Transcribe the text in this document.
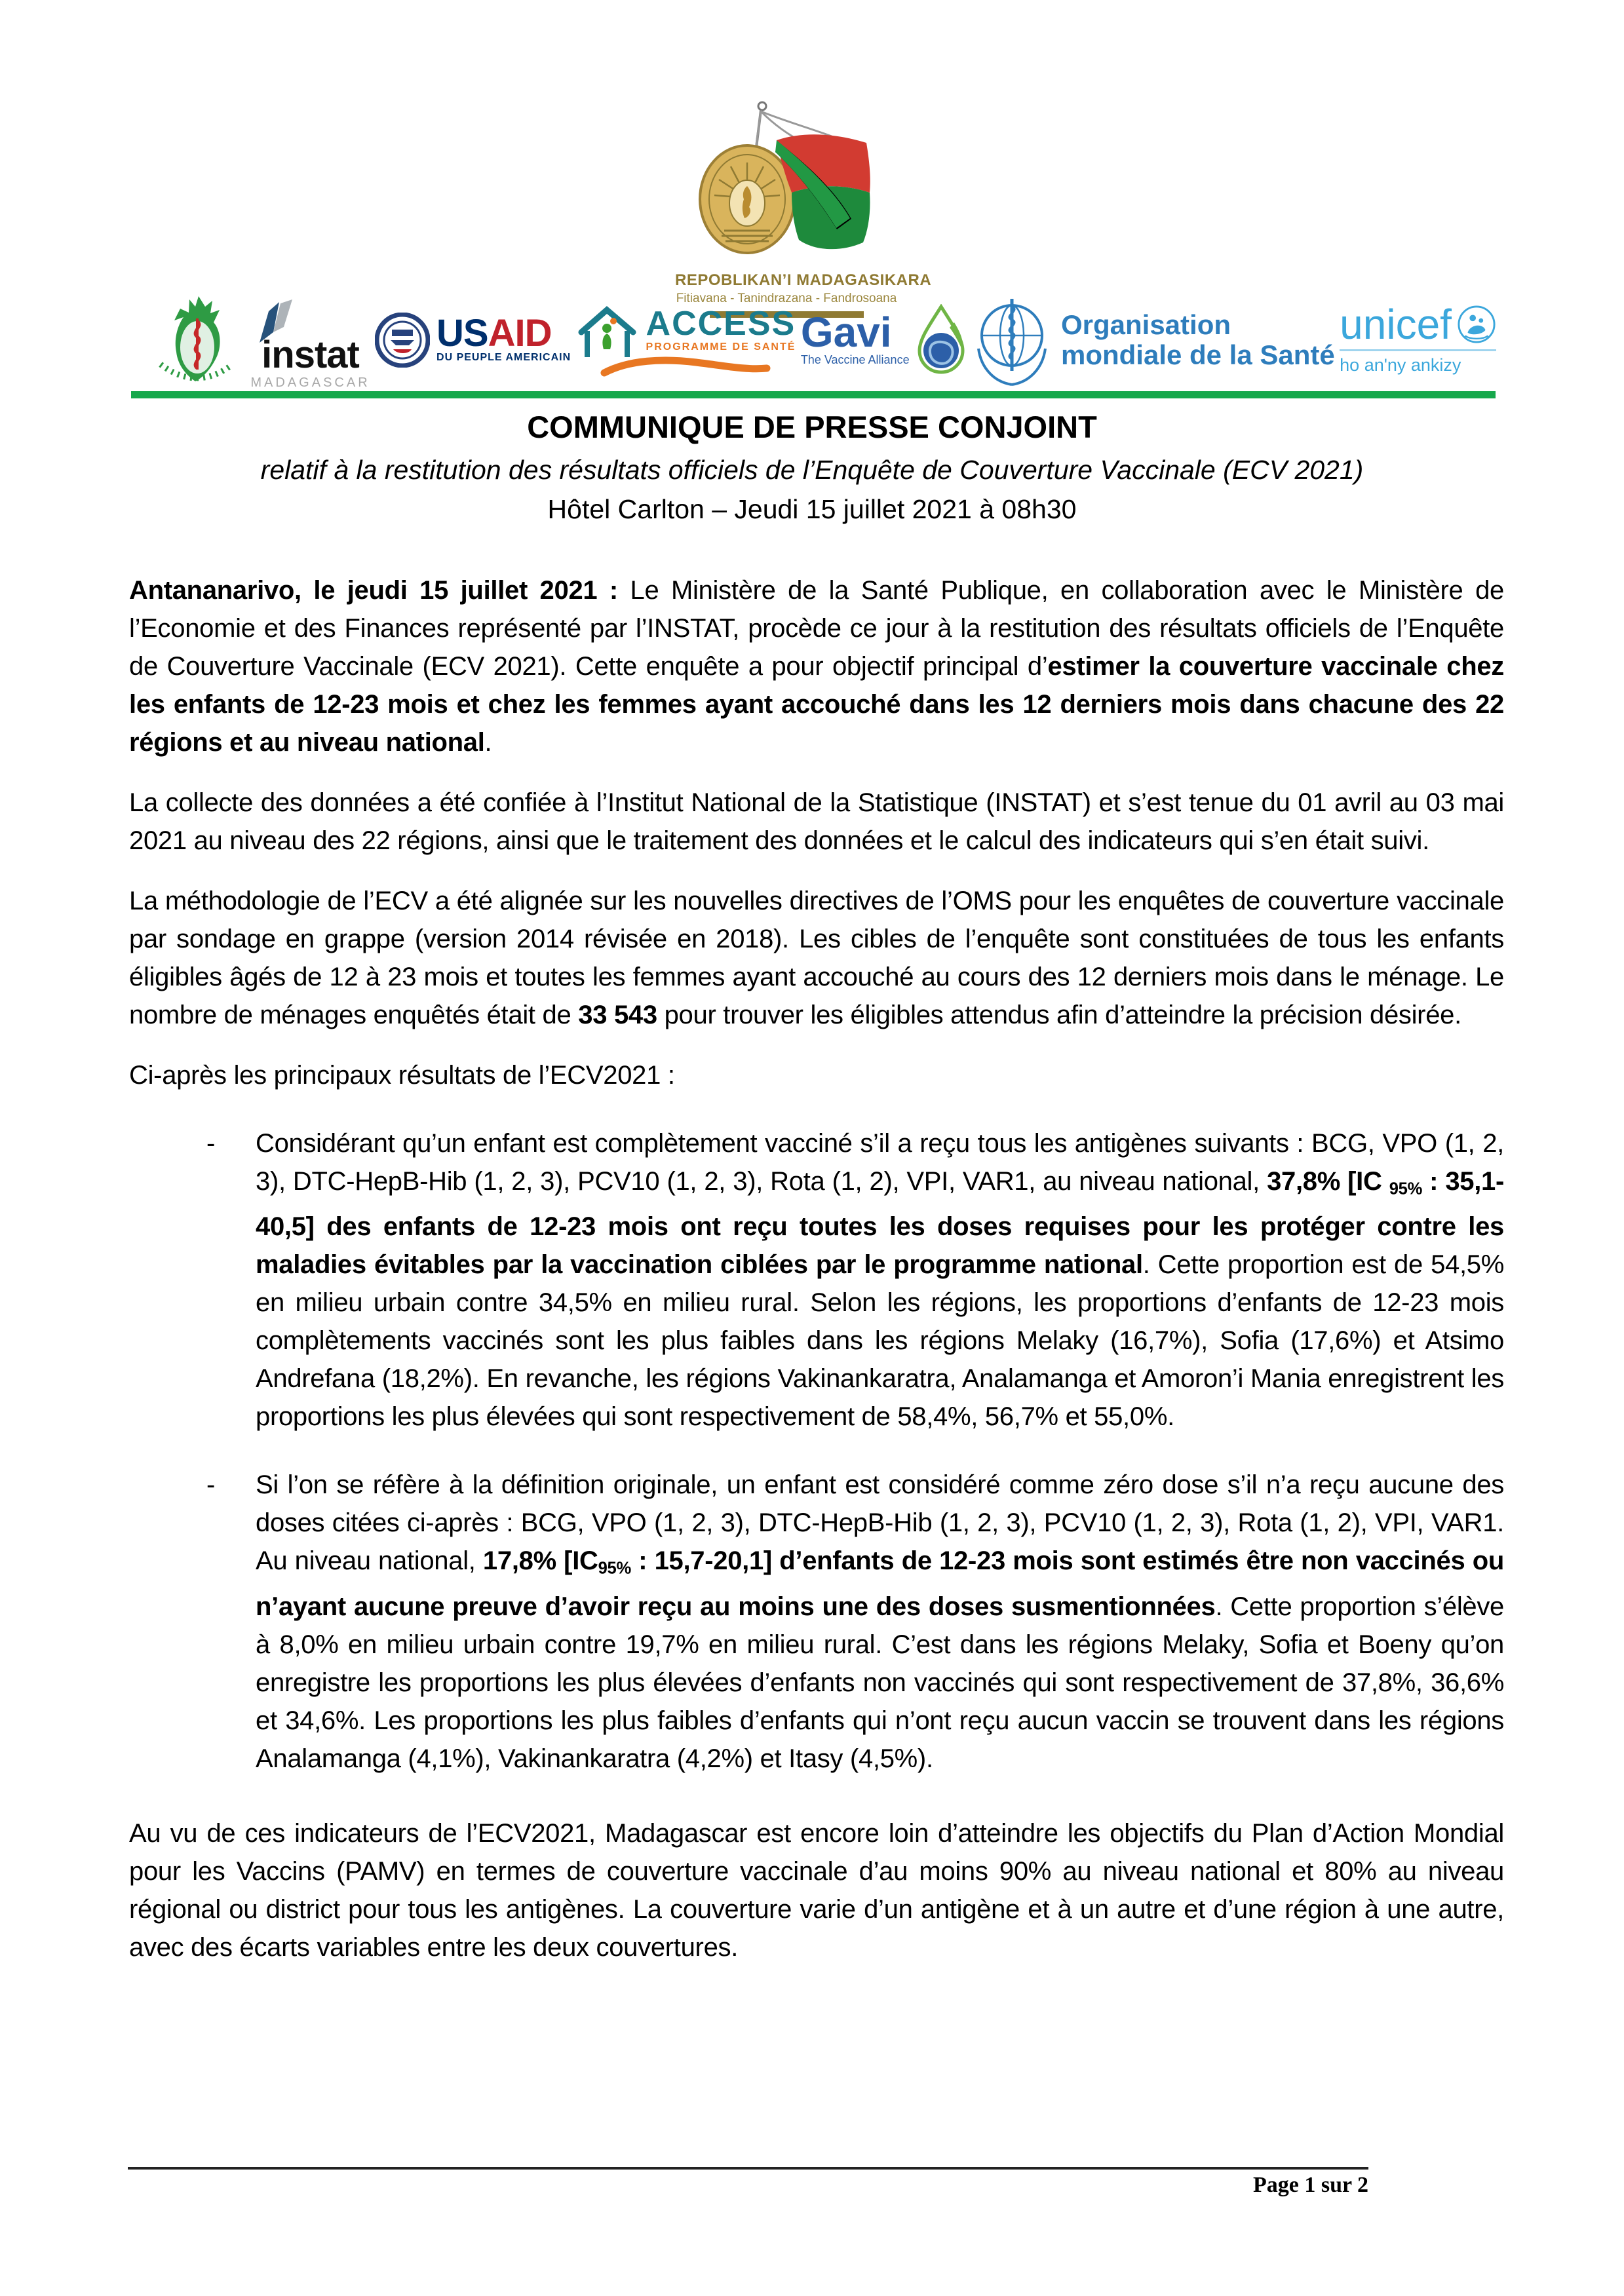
REPOBLIKAN’I MADAGASIKARA
Fitiavana - Tanindrazana - Fandrosoana
instat
MADAGASCAR
USAID
DU PEUPLE AMERICAIN
ACCESS
PROGRAMME DE SANTÉ Gavi
The Vaccine Alliance
Organisation
mondiale de la Santé
unicef
ho an'ny ankizy
COMMUNIQUE DE PRESSE CONJOINT
relatif à la restitution des résultats officiels de l’Enquête de Couverture Vaccinale (ECV 2021)
Hôtel Carlton – Jeudi 15 juillet 2021 à 08h30

Antananarivo, le jeudi 15 juillet 2021 : Le Ministère de la Santé Publique, en collaboration avec le Ministère de l’Economie et des Finances représenté par l’INSTAT, procède ce jour à la restitution des résultats officiels de l’Enquête de Couverture Vaccinale (ECV 2021). Cette enquête a pour objectif principal d’estimer la couverture vaccinale chez les enfants de 12-23 mois et chez les femmes ayant accouché dans les 12 derniers mois dans chacune des 22 régions et au niveau national.

La collecte des données a été confiée à l’Institut National de la Statistique (INSTAT) et s’est tenue du 01 avril au 03 mai 2021 au niveau des 22 régions, ainsi que le traitement des données et le calcul des indicateurs qui s’en était suivi.

La méthodologie de l’ECV a été alignée sur les nouvelles directives de l’OMS pour les enquêtes de couverture vaccinale par sondage en grappe (version 2014 révisée en 2018). Les cibles de l’enquête sont constituées de tous les enfants éligibles âgés de 12 à 23 mois et toutes les femmes ayant accouché au cours des 12 derniers mois dans le ménage. Le nombre de ménages enquêtés était de 33 543 pour trouver les éligibles attendus afin d’atteindre la précision désirée.

Ci-après les principaux résultats de l’ECV2021 :

- Considérant qu’un enfant est complètement vacciné s’il a reçu tous les antigènes suivants : BCG, VPO (1, 2, 3), DTC-HepB-Hib (1, 2, 3), PCV10 (1, 2, 3), Rota (1, 2), VPI, VAR1, au niveau national, 37,8% [IC 95% : 35,1-40,5] des enfants de 12-23 mois ont reçu toutes les doses requises pour les protéger contre les maladies évitables par la vaccination ciblées par le programme national. Cette proportion est de 54,5% en milieu urbain contre 34,5% en milieu rural. Selon les régions, les proportions d’enfants de 12-23 mois complètements vaccinés sont les plus faibles dans les régions Melaky (16,7%), Sofia (17,6%) et Atsimo Andrefana (18,2%). En revanche, les régions Vakinankaratra, Analamanga et Amoron’i Mania enregistrent les proportions les plus élevées qui sont respectivement de 58,4%, 56,7% et 55,0%.
- Si l’on se réfère à la définition originale, un enfant est considéré comme zéro dose s’il n’a reçu aucune des doses citées ci-après : BCG, VPO (1, 2, 3), DTC-HepB-Hib (1, 2, 3), PCV10 (1, 2, 3), Rota (1, 2), VPI, VAR1. Au niveau national, 17,8% [IC95% : 15,7-20,1] d’enfants de 12-23 mois sont estimés être non vaccinés ou n’ayant aucune preuve d’avoir reçu au moins une des doses susmentionnées. Cette proportion s’élève à 8,0% en milieu urbain contre 19,7% en milieu rural. C’est dans les régions Melaky, Sofia et Boeny qu’on enregistre les proportions les plus élevées d’enfants non vaccinés qui sont respectivement de 37,8%, 36,6% et 34,6%. Les proportions les plus faibles d’enfants qui n’ont reçu aucun vaccin se trouvent dans les régions Analamanga (4,1%), Vakinankaratra (4,2%) et Itasy (4,5%).

Au vu de ces indicateurs de l’ECV2021, Madagascar est encore loin d’atteindre les objectifs du Plan d’Action Mondial pour les Vaccins (PAMV) en termes de couverture vaccinale d’au moins 90% au niveau national et 80% au niveau régional ou district pour tous les antigènes. La couverture varie d’un antigène et à un autre et d’une région à une autre, avec des écarts variables entre les deux couvertures.

Page 1 sur 2
